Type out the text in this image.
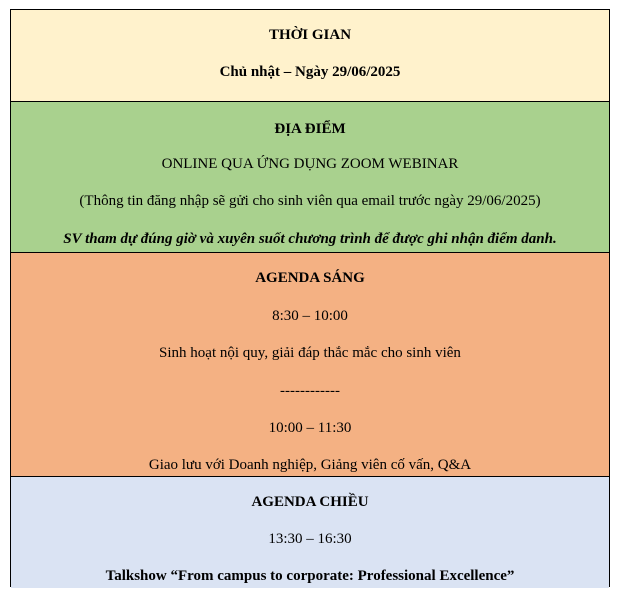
THỜI GIAN
Chủ nhật – Ngày 29/06/2025
ĐỊA ĐIỂM
ONLINE QUA ỨNG DỤNG ZOOM WEBINAR
(Thông tin đăng nhập sẽ gửi cho sinh viên qua email trước ngày 29/06/2025)
SV tham dự đúng giờ và xuyên suốt chương trình để được ghi nhận điểm danh.
AGENDA SÁNG
8:30 – 10:00
Sinh hoạt nội quy, giải đáp thắc mắc cho sinh viên
------------
10:00 – 11:30
Giao lưu với Doanh nghiệp, Giảng viên cố vấn, Q&A
AGENDA CHIỀU
13:30 – 16:30
Talkshow “From campus to corporate: Professional Excellence”
